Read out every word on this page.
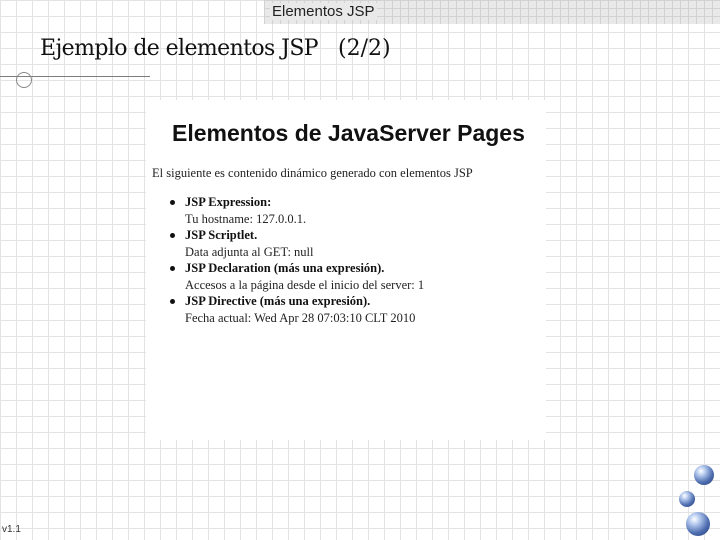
Elementos JSP
Ejemplo de elementos JSP (2/2)
Elementos de JavaServer Pages
El siguiente es contenido dinámico generado con elementos JSP
JSP Expression:
Tu hostname: 127.0.0.1.
JSP Scriptlet.
Data adjunta al GET: null
JSP Declaration (más una expresión).
Accesos a la página desde el inicio del server: 1
JSP Directive (más una expresión).
Fecha actual: Wed Apr 28 07:03:10 CLT 2010
v1.1
